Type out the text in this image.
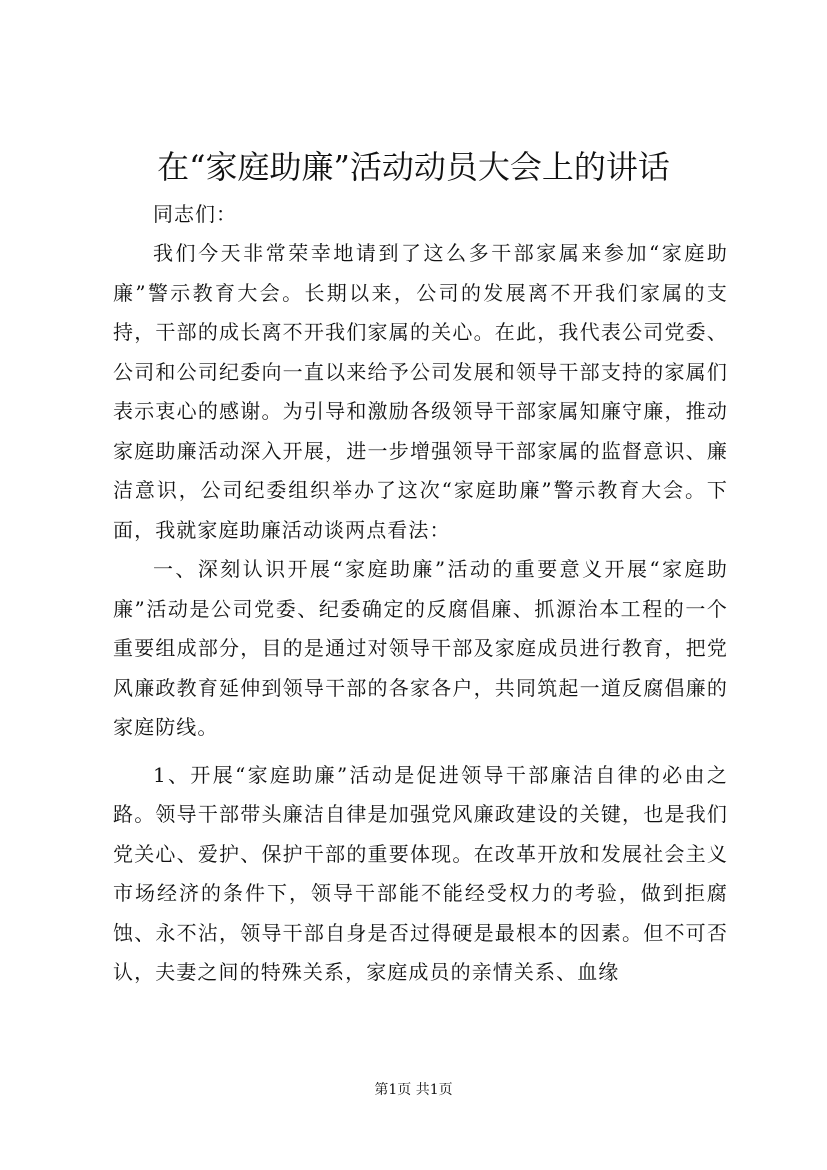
在“家庭助廉”活动动员大会上的讲话

同志们：

我们今天非常荣幸地请到了这么多干部家属来参加“家庭助廉”警示教育大会。长期以来，公司的发展离不开我们家属的支持，干部的成长离不开我们家属的关心。在此，我代表公司党委、公司和公司纪委向一直以来给予公司发展和领导干部支持的家属们表示衷心的感谢。为引导和激励各级领导干部家属知廉守廉，推动家庭助廉活动深入开展，进一步增强领导干部家属的监督意识、廉洁意识，公司纪委组织举办了这次“家庭助廉”警示教育大会。下面，我就家庭助廉活动谈两点看法：

一、深刻认识开展“家庭助廉”活动的重要意义开展“家庭助廉”活动是公司党委、纪委确定的反腐倡廉、抓源治本工程的一个重要组成部分，目的是通过对领导干部及家庭成员进行教育，把党风廉政教育延伸到领导干部的各家各户，共同筑起一道反腐倡廉的家庭防线。

1、开展“家庭助廉”活动是促进领导干部廉洁自律的必由之路。领导干部带头廉洁自律是加强党风廉政建设的关键，也是我们党关心、爱护、保护干部的重要体现。在改革开放和发展社会主义市场经济的条件下，领导干部能不能经受权力的考验，做到拒腐蚀、永不沾，领导干部自身是否过得硬是最根本的因素。但不可否认，夫妻之间的特殊关系，家庭成员的亲情关系、血缘

第1页 共1页
